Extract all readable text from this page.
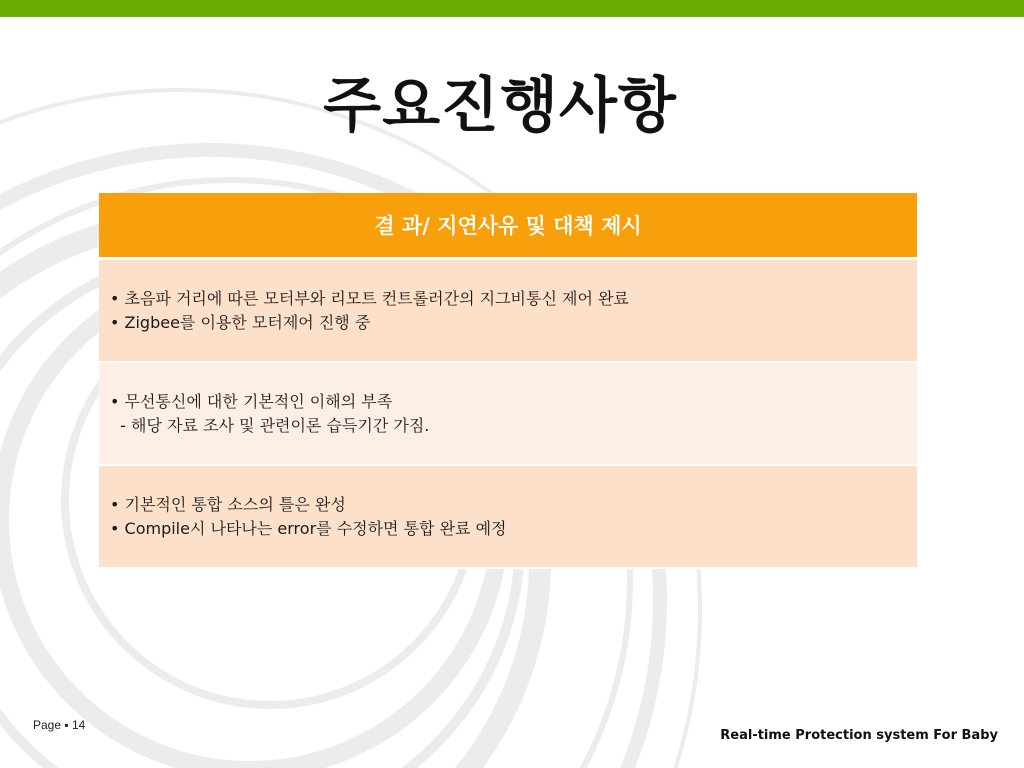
주요진행사항
결 과/ 지연사유 및 대책 제시
• 초음파 거리에 따른 모터부와 리모트 컨트롤러간의 지그비통신 제어 완료
• Zigbee를 이용한 모터제어 진행 중
• 무선통신에 대한 기본적인 이해의 부족
- 해당 자료 조사 및 관련이론 습득기간 가짐.
• 기본적인 통합 소스의 틀은 완성
• Compile시 나타나는 error를 수정하면 통합 완료 예정
Page ▪ 14
Real-time Protection system For Baby
